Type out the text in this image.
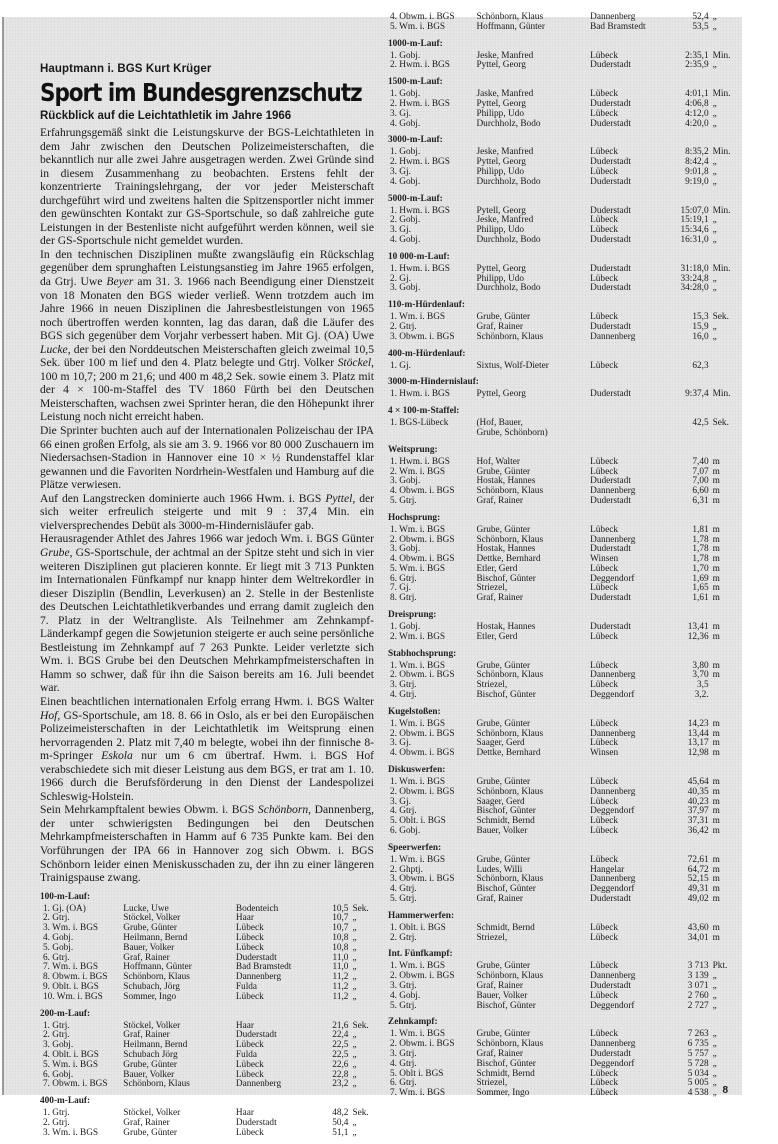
Hauptmann i. BGS Kurt Krüger
Sport im Bundesgrenzschutz
Rückblick auf die Leichtathletik im Jahre 1966

Erfahrungsgemäß sinkt die Leistungskurve der BGS-Leichtathleten in dem Jahr zwischen den Deutschen Polizeimeisterschaften, die bekanntlich nur alle zwei Jahre ausgetragen werden. Zwei Gründe sind in diesem Zusammenhang zu beobachten. Erstens fehlt der konzentrierte Trainingslehrgang, der vor jeder Meisterschaft durchgeführt wird und zweitens halten die Spitzensportler nicht immer den gewünschten Kontakt zur GS-Sportschule, so daß zahlreiche gute Leistungen in der Bestenliste nicht aufgeführt werden können, weil sie der GS-Sportschule nicht gemeldet wurden.

In den technischen Disziplinen mußte zwangsläufig ein Rückschlag gegenüber dem sprunghaften Leistungsanstieg im Jahre 1965 erfolgen, da Gtrj. Uwe Beyer am 31. 3. 1966 nach Beendigung einer Dienstzeit von 18 Monaten den BGS wieder verließ. Wenn trotzdem auch im Jahre 1966 in neuen Disziplinen die Jahresbestleistungen von 1965 noch übertroffen werden konnten, lag das daran, daß die Läufer des BGS sich gegenüber dem Vorjahr verbessert haben. Mit Gj. (OA) Uwe Lucke, der bei den Norddeutschen Meisterschaften gleich zweimal 10,5 Sek. über 100 m lief und den 4. Platz belegte und Gtrj. Volker Stöckel, 100 m 10,7; 200 m 21,6; und 400 m 48,2 Sek. sowie einem 3. Platz mit der 4 × 100-m-Staffel des TV 1860 Fürth bei den Deutschen Meisterschaften, wachsen zwei Sprinter heran, die den Höhepunkt ihrer Leistung noch nicht erreicht haben.

Die Sprinter buchten auch auf der Internationalen Polizeischau der IPA 66 einen großen Erfolg, als sie am 3. 9. 1966 vor 80 000 Zuschauern im Niedersachsen-Stadion in Hannover eine 10 × ½ Rundenstaffel klar gewannen und die Favoriten Nordrhein-Westfalen und Hamburg auf die Plätze verwiesen.

Auf den Langstrecken dominierte auch 1966 Hwm. i. BGS Pyttel, der sich weiter erfreulich steigerte und mit 9 : 37,4 Min. ein vielversprechendes Debüt als 3000-m-Hindernisläufer gab.

Herausragender Athlet des Jahres 1966 war jedoch Wm. i. BGS Günter Grube, GS-Sportschule, der achtmal an der Spitze steht und sich in vier weiteren Disziplinen gut placieren konnte. Er liegt mit 3 713 Punkten im Internationalen Fünfkampf nur knapp hinter dem Weltrekordler in dieser Disziplin (Bendlin, Leverkusen) an 2. Stelle in der Bestenliste des Deutschen Leichtathletikverbandes und errang damit zugleich den 7. Platz in der Weltrangliste. Als Teilnehmer am Zehnkampf-Länderkampf gegen die Sowjetunion steigerte er auch seine persönliche Bestleistung im Zehnkampf auf 7 263 Punkte. Leider verletzte sich Wm. i. BGS Grube bei den Deutschen Mehrkampfmeisterschaften in Hamm so schwer, daß für ihn die Saison bereits am 16. Juli beendet war.

Einen beachtlichen internationalen Erfolg errang Hwm. i. BGS Walter Hof, GS-Sportschule, am 18. 8. 66 in Oslo, als er bei den Europäischen Polizeimeisterschaften in der Leichtathletik im Weitsprung einen hervorragenden 2. Platz mit 7,40 m belegte, wobei ihn der finnische 8-m-Springer Eskola nur um 6 cm übertraf. Hwm. i. BGS Hof verabschiedete sich mit dieser Leistung aus dem BGS, er trat am 1. 10. 1966 durch die Berufsförderung in den Dienst der Landespolizei Schleswig-Holstein.

Sein Mehrkampftalent bewies Obwm. i. BGS Schönborn, Dannenberg, der unter schwierigsten Bedingungen bei den Deutschen Mehrkampfmeisterschaften in Hamm auf 6 735 Punkte kam. Bei den Vorführungen der IPA 66 in Hannover zog sich Obwm. i. BGS Schönborn leider einen Meniskusschaden zu, der ihn zu einer längeren Trainigspause zwang.

100-m-Lauf:
1. Gj. (OA)	Lucke, Uwe	Bodenteich	10,5 Sek.
2. Gtrj.	Stöckel, Volker	Haar	10,7 „
3. Wm. i. BGS	Grube, Günter	Lübeck	10,7 „
4. Gobj.	Heilmann, Bernd	Lübeck	10,8 „
5. Gobj.	Bauer, Volker	Lübeck	10,8 „
6. Gtrj.	Graf, Rainer	Duderstadt	11,0 „
7. Wm. i. BGS	Hoffmann, Günter	Bad Bramstedt	11,0 „
8. Obwm. i. BGS	Schönborn, Klaus	Dannenberg	11,2 „
9. Oblt. i. BGS	Schubach, Jörg	Fulda	11,2 „
10. Wm. i. BGS	Sommer, Ingo	Lübeck	11,2 „
200-m-Lauf:
1. Gtrj.	Stöckel, Volker	Haar	21,6 Sek.
2. Gtrj.	Graf, Rainer	Duderstadt	22,4 „
3. Gobj.	Heilmann, Bernd	Lübeck	22,5 „
4. Oblt. i. BGS	Schubach Jörg	Fulda	22,5 „
5. Wm. i. BGS	Grube, Günter	Lübeck	22,6 „
6. Gobj.	Bauer, Volker	Lübeck	22,8 „
7. Obwm. i. BGS	Schönborn, Klaus	Dannenberg	23,2 „
400-m-Lauf:
1. Gtrj.	Stöckel, Volker	Haar	48,2 Sek.
2. Gtrj.	Graf, Rainer	Duderstadt	50,4 „
3. Wm. i. BGS	Grube, Günter	Lübeck	51,1 „
4. Obwm. i. BGS	Schönborn, Klaus	Dannenberg	52,4 „
5. Wm. i. BGS	Hoffmann, Günter	Bad Bramstedt	53,5 „
1000-m-Lauf:
1. Gobj.	Jeske, Manfred	Lübeck	2:35,1 Min.
2. Hwm. i. BGS	Pyttel, Georg	Duderstadt	2:35,9 „
1500-m-Lauf:
1. Gobj.	Jaske, Manfred	Lübeck	4:01,1 Min.
2. Hwm. i. BGS	Pyttel, Georg	Duderstadt	4:06,8 „
3. Gj.	Philipp, Udo	Lübeck	4:12,0 „
4. Gobj.	Durchholz, Bodo	Duderstadt	4:20,0 „
3000-m-Lauf:
1. Gobj.	Jeske, Manfred	Lübeck	8:35,2 Min.
2. Hwm. i. BGS	Pyttel, Georg	Duderstadt	8:42,4 „
3. Gj.	Philipp, Udo	Lübeck	9:01,8 „
4. Gobj.	Durchholz, Bodo	Duderstadt	9:19,0 „
5000-m-Lauf:
1. Hwm. i. BGS	Pytell, Georg	Duderstadt	15:07,0 Min.
2. Gobj.	Jeske, Manfred	Lübeck	15:19,1 „
3. Gj.	Philipp, Udo	Lübeck	15:34,6 „
4. Gobj.	Durchholz, Bodo	Duderstadt	16:31,0 „
10 000-m-Lauf:
1. Hwm. i. BGS	Pyttel, Georg	Duderstadt	31:18,0 Min.
2. Gj.	Philipp, Udo	Lübeck	33:24,8 „
3. Gobj.	Durchholz, Bodo	Duderstadt	34:28,0 „
110-m-Hürdenlauf:
1. Wm. i. BGS	Grube, Günter	Lübeck	15,3 Sek.
2. Gtrj.	Graf, Rainer	Duderstadt	15,9 „
3. Obwm. i. BGS	Schönborn, Klaus	Dannenberg	16,0 „
400-m-Hürdenlauf:
1. Gj.	Sixtus, Wolf-Dieter	Lübeck	62,3
3000-m-Hindernislauf:
1. Hwm. i. BGS	Pyttel, Georg	Duderstadt	9:37,4 Min.
4 × 100-m-Staffel:
1. BGS-Lübeck	(Hof, Bauer,	42,5 Sek.
Grube, Schönborn)
Weitsprung:
1. Hwm. i. BGS	Hof, Walter	Lübeck	7,40 m
2. Wm. i. BGS	Grube, Günter	Lübeck	7,07 m
3. Gobj.	Hostak, Hannes	Duderstadt	7,00 m
4. Obwm. i. BGS	Schönborn, Klaus	Dannenberg	6,60 m
5. Gtrj.	Graf, Rainer	Duderstadt	6,31 m
Hochsprung:
1. Wm. i. BGS	Grube, Günter	Lübeck	1,81 m
2. Obwm. i. BGS	Schönborn, Klaus	Dannenberg	1,78 m
3. Gobj.	Hostak, Hannes	Duderstadt	1,78 m
4. Obwm. i. BGS	Dettke, Bernhard	Winsen	1,78 m
5. Wm. i. BGS	Etler, Gerd	Lübeck	1,70 m
6. Gtrj.	Bischof, Günter	Deggendorf	1,69 m
7. Gj.	Striezel,	Lübeck	1,65 m
8. Gtrj.	Graf, Rainer	Duderstadt	1,61 m
Dreisprung:
1. Gobj.	Hostak, Hannes	Duderstadt	13,41 m
2. Wm. i. BGS	Etler, Gerd	Lübeck	12,36 m
Stabhochsprung:
1. Wm. i. BGS	Grube, Günter	Lübeck	3,80 m
2. Obwm. i. BGS	Schönborn, Klaus	Dannenberg	3,70 m
3. Gtrj.	Striezel,	Lübeck	3,5
4. Gtrj.	Bischof, Günter	Deggendorf	3,2.
Kugelstoßen:
1. Wm. i. BGS	Grube, Günter	Lübeck	14,23 m
2. Obwm. i. BGS	Schönborn, Klaus	Dannenberg	13,44 m
3. Gj.	Saager, Gerd	Lübeck	13,17 m
4. Obwm. i. BGS	Dettke, Bernhard	Winsen	12,98 m
Diskuswerfen:
1. Wm. i. BGS	Grube, Günter	Lübeck	45,64 m
2. Obwm. i. BGS	Schönborn, Klaus	Dannenberg	40,35 m
3. Gj.	Saager, Gerd	Lübeck	40,23 m
4. Gtrj.	Bischof, Günter	Deggendorf	37,97 m
5. Oblt. i. BGS	Schmidt, Bernd	Lübeck	37,31 m
6. Gobj.	Bauer, Volker	Lübeck	36,42 m
Speerwerfen:
1. Wm. i. BGS	Grube, Günter	Lübeck	72,61 m
2. Ghptj.	Ludes, Willi	Hangelar	64,72 m
3. Obwm. i. BGS	Schönborn, Klaus	Dannenberg	52,15 m
4. Gtrj.	Bischof, Günter	Deggendorf	49,31 m
5. Gtrj.	Graf, Rainer	Duderstadt	49,02 m
Hammerwerfen:
1. Oblt. i. BGS	Schmidt, Bernd	Lübeck	43,60 m
2. Gtrj.	Striezel,	Lübeck	34,01 m
Int. Fünfkampf:
1. Wm. i. BGS	Grube, Günter	Lübeck	3 713 Pkt.
2. Obwm. i. BGS	Schönborn, Klaus	Dannenberg	3 139 „
3. Gtrj.	Graf, Rainer	Duderstadt	3 071 „
4. Gobj.	Bauer, Volker	Lübeck	2 760 „
5. Gtrj.	Bischof, Günter	Deggendorf	2 727 „
Zehnkampf:
1. Wm. i. BGS	Grube, Günter	Lübeck	7 263 „
2. Obwm. i. BGS	Schönborn, Klaus	Dannenberg	6 735 „
3. Gtrj.	Graf, Rainer	Duderstadt	5 757 „
4. Gtrj.	Bischof, Günter	Deggendorf	5 728 „
5. Oblt i. BGS	Schmidt, Bernd	Lübeck	5 034 „
6. Gtrj.	Striezel,	Lübeck	5 005 „
7. Wm. i. BGS	Sommer, Ingo	Lübeck	4 538 „ 8
